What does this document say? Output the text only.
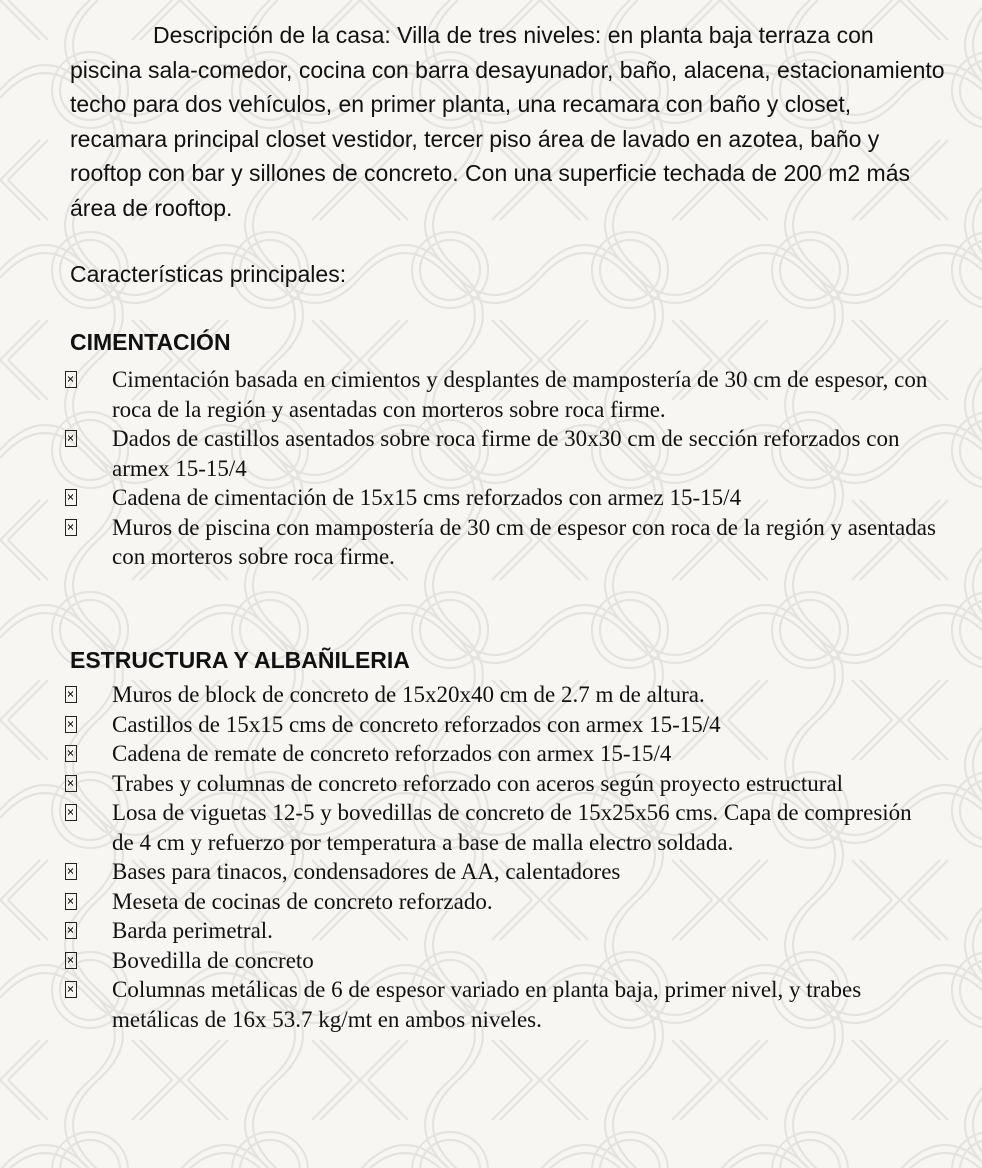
Descripción de la casa: Villa de tres niveles: en planta baja terraza con piscina sala-comedor, cocina con barra desayunador, baño, alacena, estacionamiento techo para dos vehículos, en primer planta, una recamara con baño y closet, recamara principal closet vestidor, tercer piso área de lavado en azotea, baño y rooftop con bar y sillones de concreto. Con una superficie techada de 200 m2 más área de rooftop.

Características principales:
CIMENTACIÓN
Cimentación basada en cimientos y desplantes de mampostería de 30 cm de espesor, con roca de la región y asentadas con morteros sobre roca firme.
Dados de castillos asentados sobre roca firme de 30x30 cm de sección reforzados con armex 15-15/4
Cadena de cimentación de 15x15 cms reforzados con armez 15-15/4
Muros de piscina con mampostería de 30 cm de espesor con roca de la región y asentadas con morteros sobre roca firme.
ESTRUCTURA Y ALBAÑILERIA
Muros de block de concreto de 15x20x40 cm de 2.7 m de altura.
Castillos de 15x15 cms de concreto reforzados con armex 15-15/4
Cadena de remate de concreto reforzados con armex 15-15/4
Trabes y columnas de concreto reforzado con aceros según proyecto estructural
Losa de viguetas 12-5 y bovedillas de concreto de 15x25x56 cms. Capa de compresión de 4 cm y refuerzo por temperatura a base de malla electro soldada.
Bases para tinacos, condensadores de AA, calentadores
Meseta de cocinas de concreto reforzado.
Barda perimetral.
Bovedilla de concreto
Columnas metálicas de 6 de espesor variado en planta baja, primer nivel, y trabes metálicas de 16x 53.7 kg/mt en ambos niveles.
